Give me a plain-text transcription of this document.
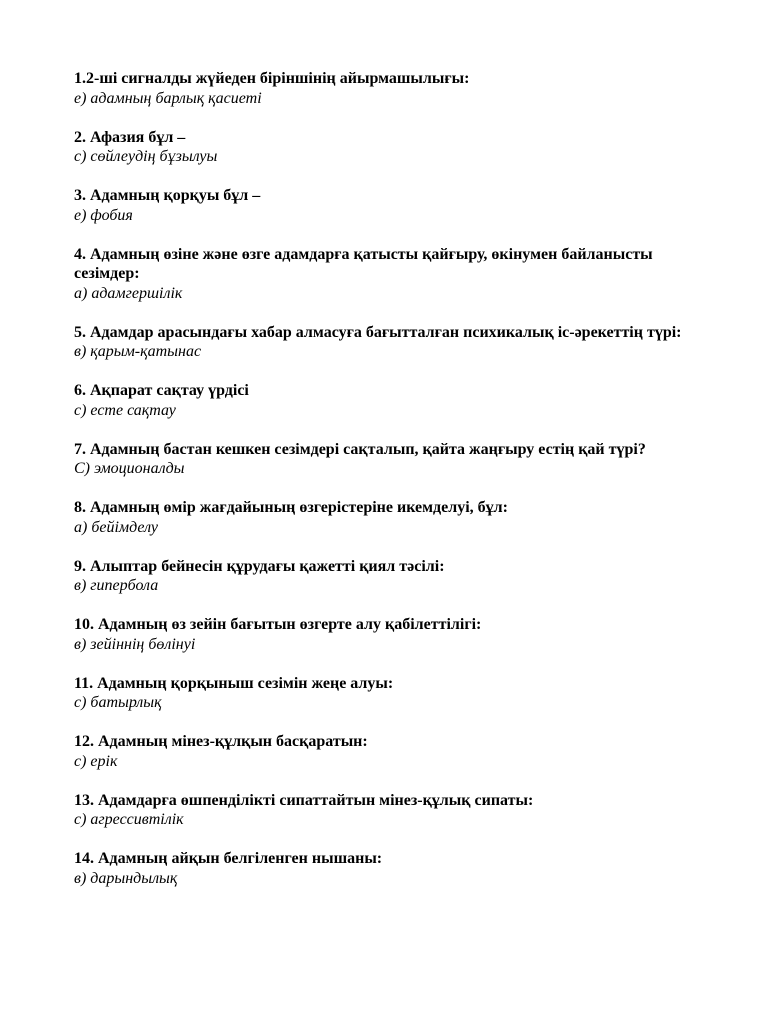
1.2-ші сигналды жүйеден біріншінің айырмашылығы:
е) адамның барлық қасиеті
2. Афазия бұл –
с) сөйлеудің бұзылуы
3. Адамның қорқуы бұл –
е) фобия
4. Адамның өзіне және өзге адамдарға қатысты қайғыру, өкінумен байланысты сезімдер:
а) адамгершілік
5. Адамдар арасындағы хабар алмасуға бағытталған психикалық іс-әрекеттің түрі:
в) қарым-қатынас
6. Ақпарат сақтау үрдісі
с) есте сақтау
7. Адамның бастан кешкен сезімдері сақталып, қайта жаңғыру естің қай түрі?
С) эмоционалды
8. Адамның өмір жағдайының өзгерістеріне икемделуі, бұл:
а) бейімделу
9. Алыптар бейнесін құрудағы қажетті қиял тәсілі:
в) гипербола
10. Адамның өз зейін бағытын өзгерте алу қабілеттілігі:
в) зейіннің бөлінуі
11. Адамның қорқыныш сезімін жеңе алуы:
с) батырлық
12. Адамның мінез-құлқын басқаратын:
с) ерік
13. Адамдарға өшпенділікті сипаттайтын мінез-құлық сипаты:
с) агрессивтілік
14. Адамның айқын белгіленген нышаны:
в) дарындылық
